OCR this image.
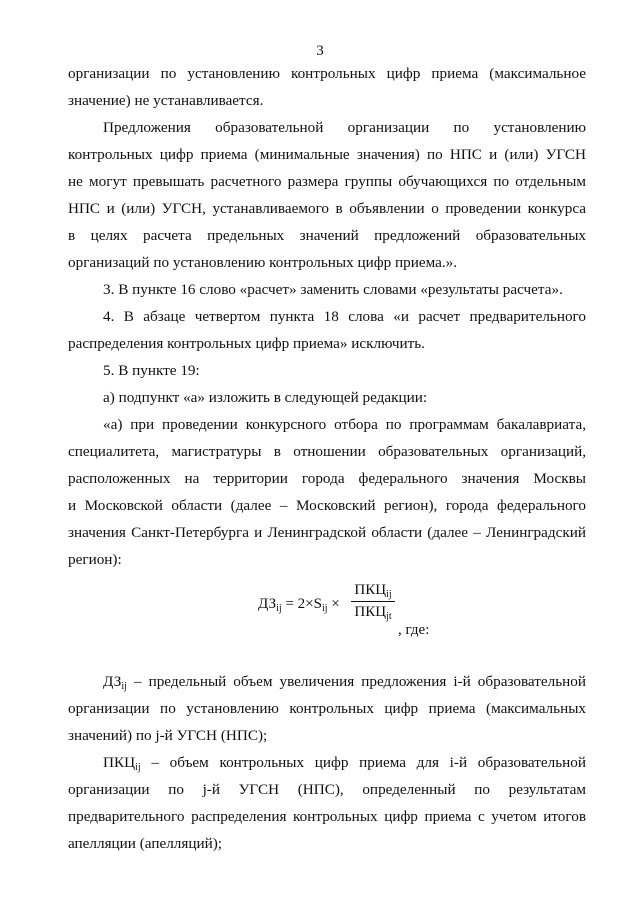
3
организации по установлению контрольных цифр приема (максимальное
значение) не устанавливается.
Предложения образовательной организации по установлению
контрольных цифр приема (минимальные значения) по НПС и (или) УГСН
не могут превышать расчетного размера группы обучающихся по отдельным
НПС и (или) УГСН, устанавливаемого в объявлении о проведении конкурса
в целях расчета предельных значений предложений образовательных
организаций по установлению контрольных цифр приема.».
3. В пункте 16 слово «расчет» заменить словами «результаты расчета».
4. В абзаце четвертом пункта 18 слова «и расчет предварительного
распределения контрольных цифр приема» исключить.
5. В пункте 19:
а) подпункт «а» изложить в следующей редакции:
«а) при проведении конкурсного отбора по программам бакалавриата,
специалитета, магистратуры в отношении образовательных организаций,
расположенных на территории города федерального значения Москвы
и Московской области (далее – Московский регион), города федерального
значения Санкт-Петербурга и Ленинградской области (далее – Ленинградский
регион):
$ДЗ_{ij} = 2\times S_{ij}$ ×
$ПКЦ_{ij}$
$ПКЦ_{jt}$
, где:
$ДЗ_{ij}$ – предельный объем увеличения предложения i-й образовательной
организации по установлению контрольных цифр приема (максимальных
значений) по j-й УГСН (НПС);
$ПКЦ_{ij}$ – объем контрольных цифр приема для i-й образовательной
организации по j-й УГСН (НПС), определенный по результатам
предварительного распределения контрольных цифр приема с учетом итогов
апелляции (апелляций);
